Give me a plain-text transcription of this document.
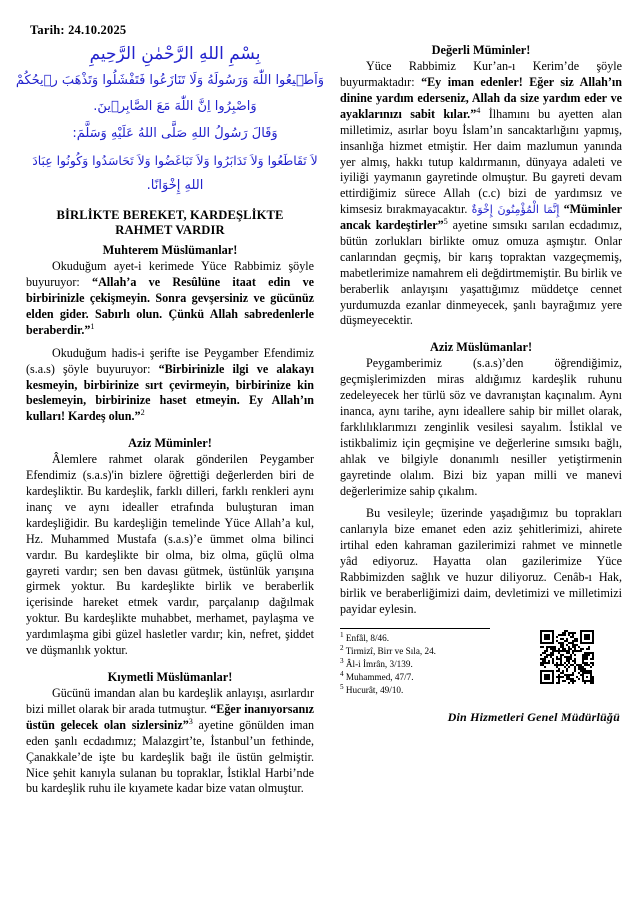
Tarih: 24.10.2025
بِسْمِ اللهِ الرَّحْمٰنِ الرَّحِيمِ
وَاَط۪يعُوا اللّٰهَ وَرَسُولَهُ وَلَا تَنَازَعُوا فَتَفْشَلُوا وَتَذْهَبَ ر۪يحُكُمْ
وَاصْبِرُوا اِنَّ اللّٰهَ مَعَ الصَّابِر۪ينَ.
وَقَالَ رَسُولُ اللهِ صَلَّى اللهُ عَلَيْهِ وَسَلَّمَ:
لاَ تَقَاطَعُوا وَلاَ تَدَابَرُوا وَلاَ تَبَاغَضُوا وَلاَ تَحَاسَدُوا وَكُونُوا عِبَادَ
اللهِ إِخْوَانًا.
BİRLİKTE BEREKET, KARDEŞLİKTE
RAHMET VARDIR
Muhterem Müslümanlar!

Okuduğum ayet-i kerimede Yüce Rabbimiz şöyle buyuruyor: “Allah’a ve Resûlüne itaat edin ve birbirinizle çekişmeyin. Sonra gevşersiniz ve gücünüz elden gider. Sabırlı olun. Çünkü Allah sabredenlerle beraberdir.”$^1$

Okuduğum hadis-i şerifte ise Peygamber Efendimiz (s.a.s) şöyle buyuruyor: “Birbirinizle ilgi ve alakayı kesmeyin, birbirinize sırt çevirmeyin, birbirinize kin beslemeyin, birbirinize haset etmeyin. Ey Allah’ın kulları! Kardeş olun.”$^2$

Aziz Müminler!

Âlemlere rahmet olarak gönderilen Peygamber Efendimiz (s.a.s)'in bizlere öğrettiği değerlerden biri de kardeşliktir. Bu kardeşlik, farklı dilleri, farklı renkleri aynı inanç ve aynı idealler etrafında buluşturan iman kardeşliğidir. Bu kardeşliğin temelinde Yüce Allah’a kul, Hz. Muhammed Mustafa (s.a.s)’e ümmet olma bilinci vardır. Bu kardeşlikte bir olma, biz olma, güçlü olma gayreti vardır; sen ben davası gütmek, üstünlük yarışına girmek yoktur. Bu kardeşlikte birlik ve beraberlik içerisinde hareket etmek vardır, parçalanıp dağılmak yoktur. Bu kardeşlikte muhabbet, merhamet, paylaşma ve yardımlaşma gibi güzel hasletler vardır; kin, nefret, şiddet ve düşmanlık yoktur.

Kıymetli Müslümanlar!

Gücünü imandan alan bu kardeşlik anlayışı, asırlardır bizi millet olarak bir arada tutmuştur. “Eğer inanıyorsanız üstün gelecek olan sizlersiniz”$^3$ ayetine gönülden iman eden şanlı ecdadımız; Malazgirt’te, İstanbul’un fethinde, Çanakkale’de işte bu kardeşlik bağı ile üstün gelmiştir. Nice şehit kanıyla sulanan bu topraklar, İstiklal Harbi’nde bu kardeşlik ruhu ile kıyamete kadar bize vatan olmuştur.

Değerli Müminler!

Yüce Rabbimiz Kur’an-ı Kerim’de şöyle buyurmaktadır: “Ey iman edenler! Eğer siz Allah’ın dinine yardım ederseniz, Allah da size yardım eder ve ayaklarınızı sabit kılar.”$^4$ İlhamını bu ayetten alan milletimiz, asırlar boyu İslam’ın sancaktarlığını yapmış, insanlığa hizmet etmiştir. Her daim mazlumun yanında yer almış, hakkı tutup kaldırmanın, dünyaya adaleti ve iyiliği yaymanın gayretinde olmuştur. Bu gayreti devam ettirdiğimiz sürece Allah (c.c) bizi de yardımsız ve kimsesiz bırakmayacaktır. إِنَّمَا الْمُؤْمِنُونَ إِخْوَةٌ “Müminler ancak kardeştirler”$^5$ ayetine sımsıkı sarılan ecdadımız, bütün zorlukları birlikte omuz omuza aşmıştır. Onlar canlarından geçmiş, bir karış topraktan vazgeçmemiş, mabetlerimize namahrem eli değdirtmemiştir. Bu birlik ve beraberlik anlayışını yaşattığımız müddetçe cennet yurdumuzda ezanlar dinmeyecek, şanlı bayrağımız yere düşmeyecektir.

Aziz Müslümanlar!

Peygamberimiz (s.a.s)’den öğrendiğimiz, geçmişlerimizden miras aldığımız kardeşlik ruhunu zedeleyecek her türlü söz ve davranıştan kaçınalım. Aynı inanca, aynı tarihe, aynı ideallere sahip bir millet olarak, farklılıklarımızı zenginlik vesilesi sayalım. İstiklal ve istikbalimiz için geçmişine ve değerlerine sımsıkı bağlı, ahlak ve bilgiyle donanımlı nesiller yetiştirmenin gayretinde olalım. Bizi biz yapan milli ve manevi değerlerimize sahip çıkalım.

Bu vesileyle; üzerinde yaşadığımız bu toprakları canlarıyla bize emanet eden aziz şehitlerimizi, ahirete irtihal eden kahraman gazilerimizi rahmet ve minnetle yâd ediyoruz. Hayatta olan gazilerimize Yüce Rabbimizden sağlık ve huzur diliyoruz. Cenâb-ı Hak, birlik ve beraberliğimizi daim, devletimizi ve milletimizi payidar eylesin.

$^1$ Enfâl, 8/46.

$^2$ Tirmizî, Birr ve Sıla, 24.

$^3$ Âl-i İmrân, 3/139.

$^4$ Muhammed, 47/7.

$^5$ Hucurât, 49/10.

Din Hizmetleri Genel Müdürlüğü
